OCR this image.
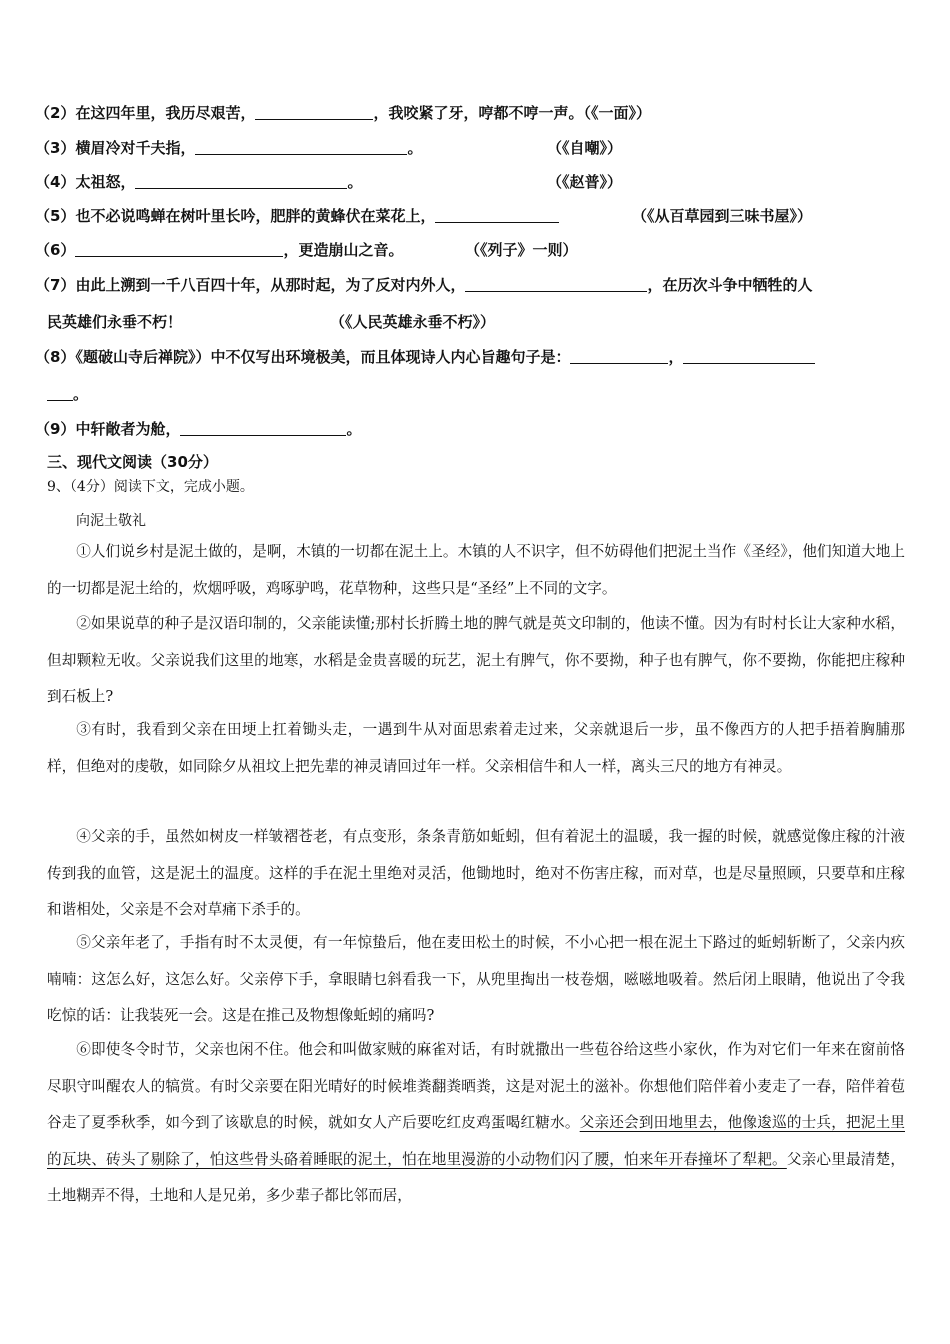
（2）在这四年里，我历尽艰苦，	，我咬紧了牙，哼都不哼一声。（《一面》）
（3）横眉冷对千夫指，	。	（《自嘲》）
（4）太祖怒，	。	（《赵普》）
（5）也不必说鸣蝉在树叶里长吟，肥胖的黄蜂伏在菜花上，	（《从百草园到三味书屋》）
（6）	，更造崩山之音。	（《列子》一则）
（7）由此上溯到一千八百四十年，从那时起，为了反对内外人，	，在历次斗争中牺牲的人
民英雄们永垂不朽！	（《人民英雄永垂不朽》）
（8）《题破山寺后禅院》）中不仅写出环境极美，而且体现诗人内心旨趣句子是：	，
。
（9）中轩敞者为舱，	。
三、现代文阅读（30分）
9、（4分）阅读下文，完成小题。
向泥土敬礼

①人们说乡村是泥土做的，是啊，木镇的一切都在泥土上。木镇的人不识字，但不妨碍他们把泥土当作《圣经》，他们知道大地上的一切都是泥土给的，炊烟呼吸，鸡啄驴鸣，花草物种，这些只是“圣经”上不同的文字。

②如果说草的种子是汉语印制的，父亲能读懂;那村长折腾土地的脾气就是英文印制的，他读不懂。因为有时村长让大家种水稻，但却颗粒无收。父亲说我们这里的地寒，水稻是金贵喜暖的玩艺，泥土有脾气，你不要拗，种子也有脾气，你不要拗，你能把庄稼种到石板上?

③有时，我看到父亲在田埂上扛着锄头走，一遇到牛从对面思索着走过来，父亲就退后一步，虽不像西方的人把手捂着胸脯那样，但绝对的虔敬，如同除夕从祖坟上把先辈的神灵请回过年一样。父亲相信牛和人一样，离头三尺的地方有神灵。

④父亲的手，虽然如树皮一样皱褶苍老，有点变形，条条青筋如蚯蚓，但有着泥土的温暖，我一握的时候，就感觉像庄稼的汁液传到我的血管，这是泥土的温度。这样的手在泥土里绝对灵活，他锄地时，绝对不伤害庄稼，而对草，也是尽量照顾，只要草和庄稼和谐相处，父亲是不会对草痛下杀手的。

⑤父亲年老了，手指有时不太灵便，有一年惊蛰后，他在麦田松土的时候，不小心把一根在泥土下路过的蚯蚓斩断了，父亲内疚喃喃：这怎么好，这怎么好。父亲停下手，拿眼睛乜斜看我一下，从兜里掏出一枝卷烟，嗞嗞地吸着。然后闭上眼睛，他说出了令我吃惊的话：让我装死一会。这是在推己及物想像蚯蚓的痛吗?

⑥即使冬令时节，父亲也闲不住。他会和叫做家贼的麻雀对话，有时就撒出一些苞谷给这些小家伙，作为对它们一年来在窗前恪尽职守叫醒农人的犒赏。有时父亲要在阳光晴好的时候堆粪翻粪晒粪，这是对泥土的滋补。你想他们陪伴着小麦走了一春，陪伴着苞谷走了夏季秋季，如今到了该歇息的时候，就如女人产后要吃红皮鸡蛋喝红糖水。父亲还会到田地里去，他像逡巡的士兵，把泥土里的瓦块、砖头了剔除了，怕这些骨头硌着睡眠的泥土，怕在地里漫游的小动物们闪了腰，怕来年开春撞坏了犁耙。父亲心里最清楚，土地糊弄不得，土地和人是兄弟，多少辈子都比邻而居，
